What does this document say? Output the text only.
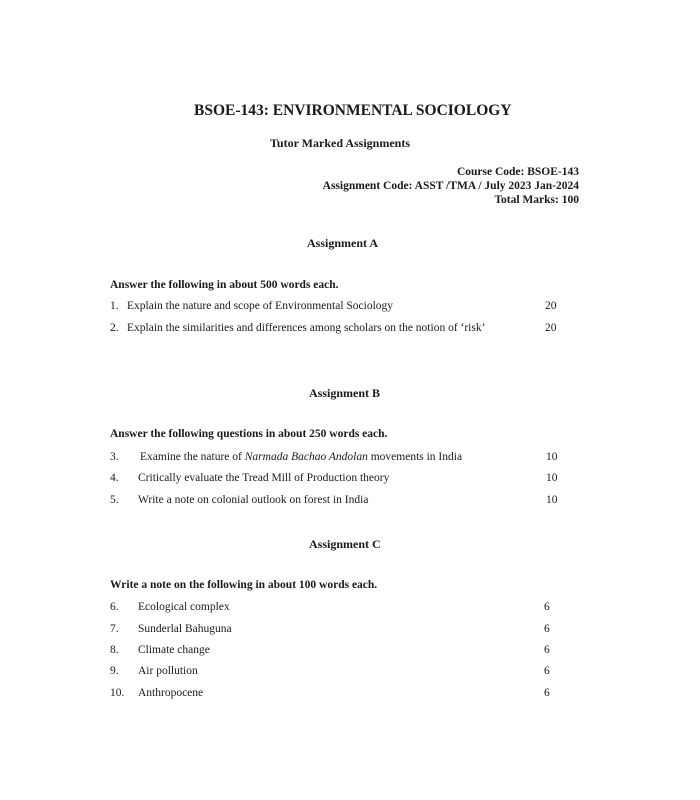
BSOE-143: ENVIRONMENTAL SOCIOLOGY
Tutor Marked Assignments
Course Code: BSOE-143
Assignment Code: ASST /TMA / July 2023 Jan-2024
Total Marks: 100
Assignment A
Answer the following in about 500 words each.
1. Explain the nature and scope of Environmental Sociology	20
2. Explain the similarities and differences among scholars on the notion of ‘risk’	20
Assignment B
Answer the following questions in about 250 words each.
3. Examine the nature of Narmada Bachao Andolan movements in India	10
4. Critically evaluate the Tread Mill of Production theory	10
5. Write a note on colonial outlook on forest in India	10
Assignment C
Write a note on the following in about 100 words each.
6. Ecological complex	6
7. Sunderlal Bahuguna	6
8. Climate change	6
9. Air pollution	6
10. Anthropocene	6
